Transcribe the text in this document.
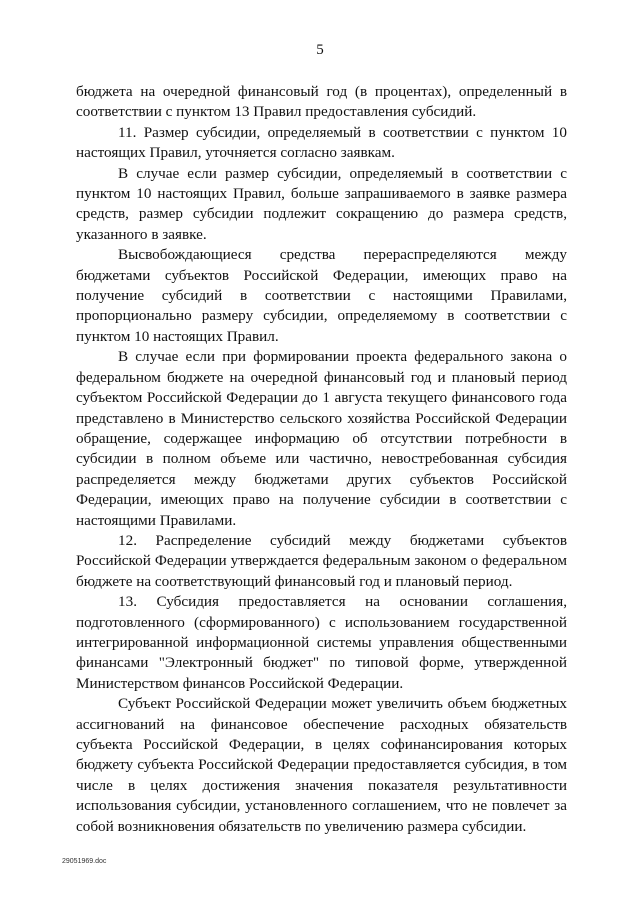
5

бюджета на очередной финансовый год (в процентах), определенный в соответствии с пунктом 13 Правил предоставления субсидий.

11. Размер субсидии, определяемый в соответствии с пунктом 10 настоящих Правил, уточняется согласно заявкам.

В случае если размер субсидии, определяемый в соответствии с пунктом 10 настоящих Правил, больше запрашиваемого в заявке размера средств, размер субсидии подлежит сокращению до размера средств, указанного в заявке.

Высвобождающиеся средства перераспределяются между бюджетами субъектов Российской Федерации, имеющих право на получение субсидий в соответствии с настоящими Правилами, пропорционально размеру субсидии, определяемому в соответствии с пунктом 10 настоящих Правил.

В случае если при формировании проекта федерального закона о федеральном бюджете на очередной финансовый год и плановый период субъектом Российской Федерации до 1 августа текущего финансового года представлено в Министерство сельского хозяйства Российской Федерации обращение, содержащее информацию об отсутствии потребности в субсидии в полном объеме или частично, невостребованная субсидия распределяется между бюджетами других субъектов Российской Федерации, имеющих право на получение субсидии в соответствии с настоящими Правилами.

12. Распределение субсидий между бюджетами субъектов Российской Федерации утверждается федеральным законом о федеральном бюджете на соответствующий финансовый год и плановый период.

13. Субсидия предоставляется на основании соглашения, подготовленного (сформированного) с использованием государственной интегрированной информационной системы управления общественными финансами "Электронный бюджет" по типовой форме, утвержденной Министерством финансов Российской Федерации.

Субъект Российской Федерации может увеличить объем бюджетных ассигнований на финансовое обеспечение расходных обязательств субъекта Российской Федерации, в целях софинансирования которых бюджету субъекта Российской Федерации предоставляется субсидия, в том числе в целях достижения значения показателя результативности использования субсидии, установленного соглашением, что не повлечет за собой возникновения обязательств по увеличению размера субсидии.

29051969.doc
